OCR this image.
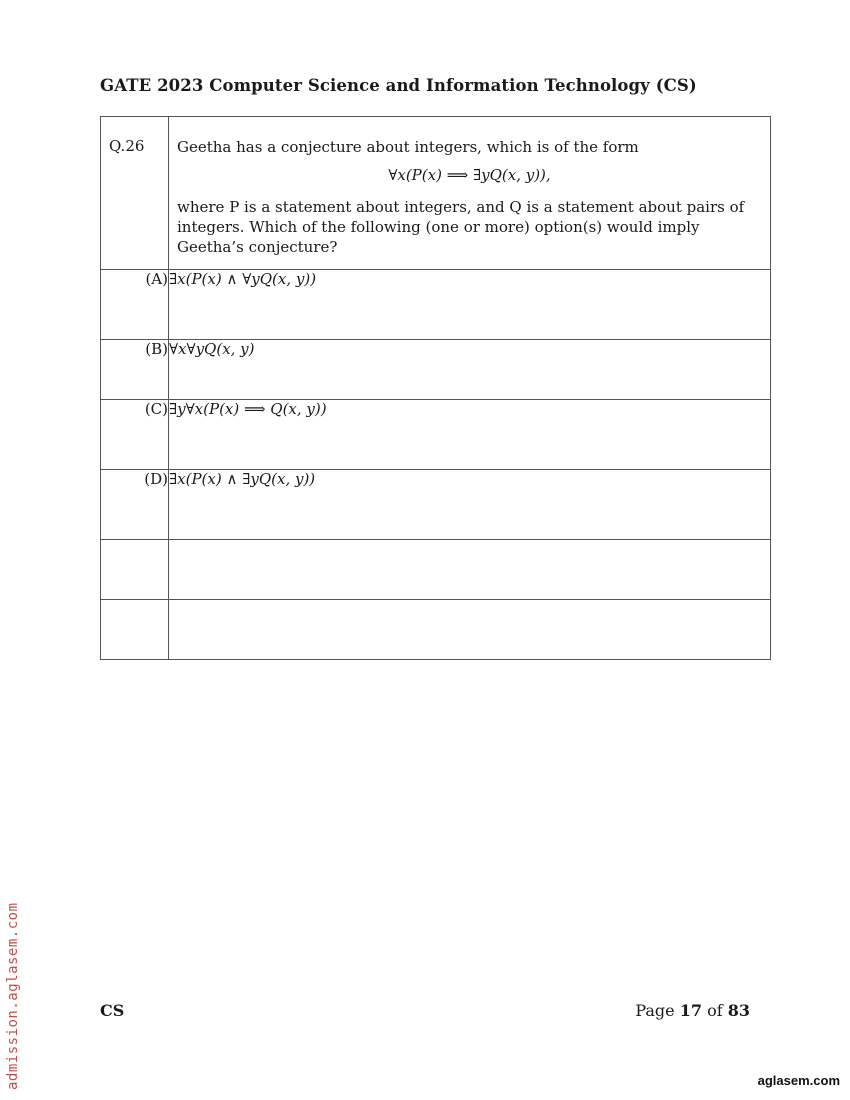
GATE 2023 Computer Science and Information Technology (CS)
Q.26	Geetha has a conjecture about integers, which is of the form
∀x(P(x) ⟹ ∃yQ(x, y)),
where P is a statement about integers, and Q is a statement about pairs of integers. Which of the following (one or more) option(s) would imply Geetha’s conjecture?

(A)	∃x(P(x) ∧ ∀yQ(x, y))
(B)	∀x∀yQ(x, y)
(C)	∃y∀x(P(x) ⟹ Q(x, y))
(D)	∃x(P(x) ∧ ∃yQ(x, y))

CS	Page 17 of 83
admission.aglasem.com	aglasem.com
